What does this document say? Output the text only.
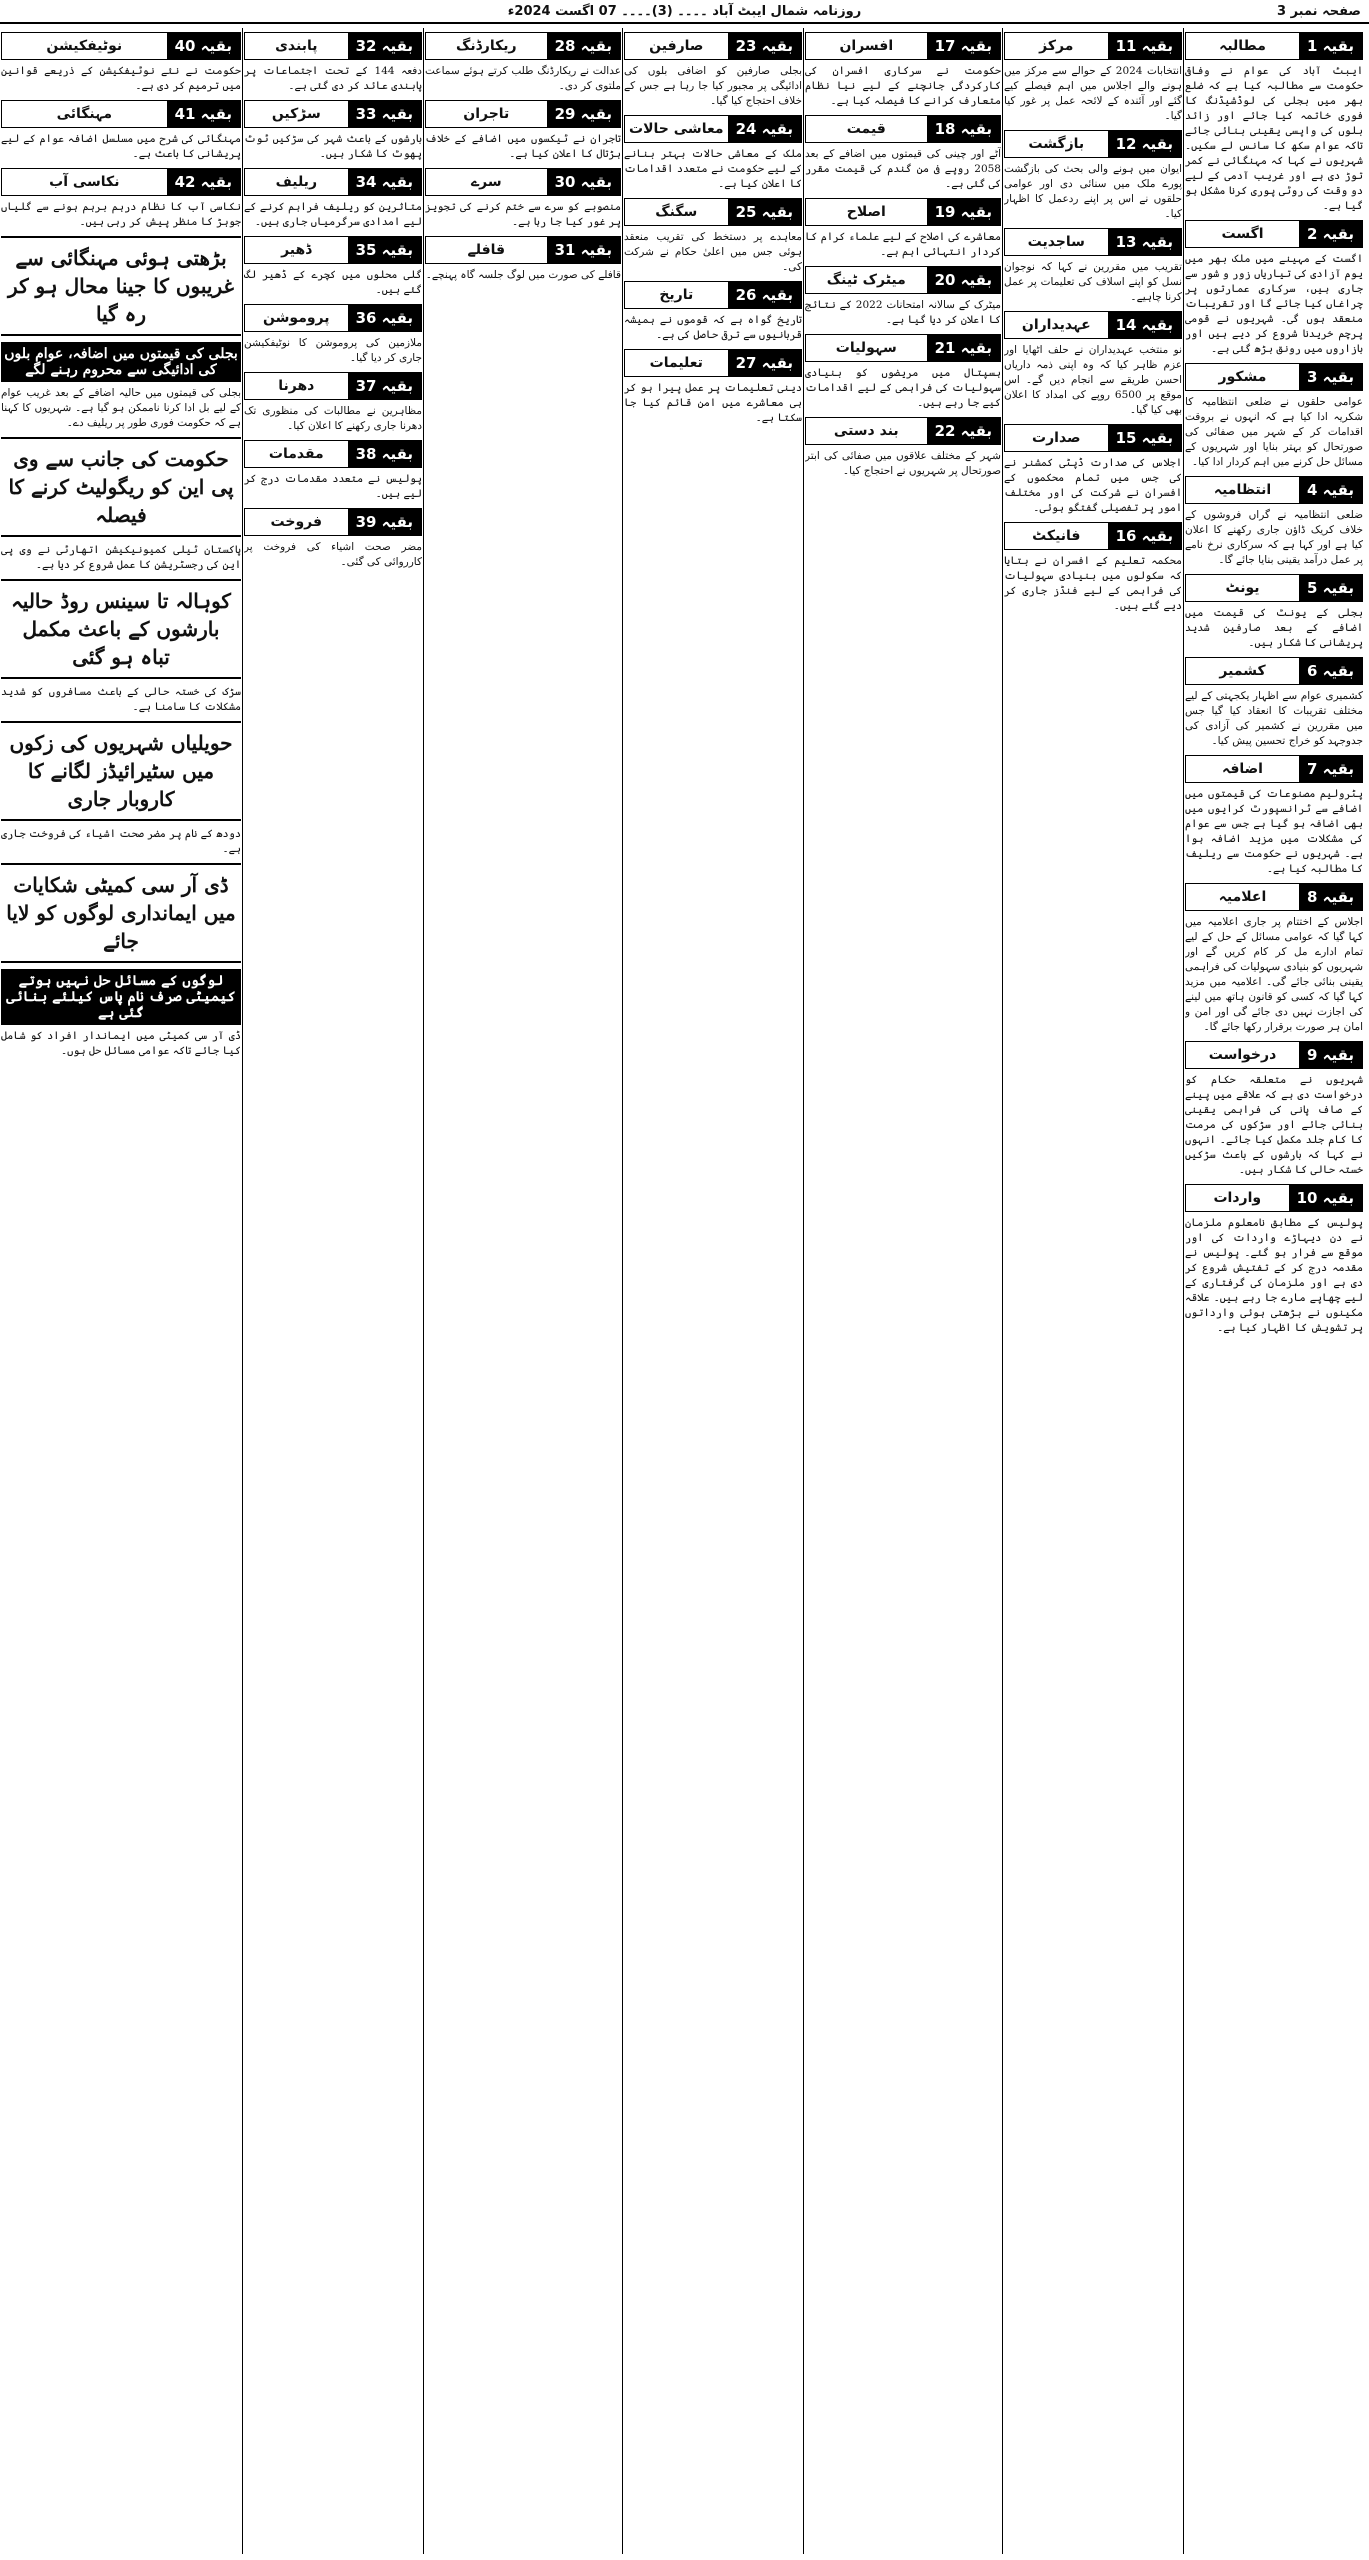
صفحہ نمبر 3
روزنامہ شمال ایبٹ آباد ۔۔۔۔ (3)۔۔۔۔ 07 اگست 2024ء
بقیہ 1
مطالبہ
ایبٹ آباد کی عوام نے وفاقی حکومت سے مطالبہ کیا ہے کہ ضلع بھر میں بجلی کی لوڈشیڈنگ کا فوری خاتمہ کیا جائے اور زائد بلوں کی واپسی یقینی بنائی جائے تاکہ عوام سکھ کا سانس لے سکیں۔ شہریوں نے کہا کہ مہنگائی نے کمر توڑ دی ہے اور غریب آدمی کے لیے دو وقت کی روٹی پوری کرنا مشکل ہو گیا ہے۔
بقیہ 2
اگست
اگست کے مہینے میں ملک بھر میں یوم آزادی کی تیاریاں زور و شور سے جاری ہیں، سرکاری عمارتوں پر چراغاں کیا جائے گا اور تقریبات منعقد ہوں گی۔ شہریوں نے قومی پرچم خریدنا شروع کر دیے ہیں اور بازاروں میں رونق بڑھ گئی ہے۔
بقیہ 3
مشکور
عوامی حلقوں نے ضلعی انتظامیہ کا شکریہ ادا کیا ہے کہ انہوں نے بروقت اقدامات کر کے شہر میں صفائی کی صورتحال کو بہتر بنایا اور شہریوں کے مسائل حل کرنے میں اہم کردار ادا کیا۔
بقیہ 4
انتظامیہ
ضلعی انتظامیہ نے گراں فروشوں کے خلاف کریک ڈاؤن جاری رکھنے کا اعلان کیا ہے اور کہا ہے کہ سرکاری نرخ نامے پر عمل درآمد یقینی بنایا جائے گا۔
بقیہ 5
یونٹ
بجلی کے یونٹ کی قیمت میں اضافے کے بعد صارفین شدید پریشانی کا شکار ہیں۔
بقیہ 6
کشمیر
کشمیری عوام سے اظہار یکجہتی کے لیے مختلف تقریبات کا انعقاد کیا گیا جس میں مقررین نے کشمیر کی آزادی کی جدوجہد کو خراج تحسین پیش کیا۔
بقیہ 7
اضافہ
پٹرولیم مصنوعات کی قیمتوں میں اضافے سے ٹرانسپورٹ کرایوں میں بھی اضافہ ہو گیا ہے جس سے عوام کی مشکلات میں مزید اضافہ ہوا ہے۔ شہریوں نے حکومت سے ریلیف کا مطالبہ کیا ہے۔
بقیہ 8
اعلامیہ
اجلاس کے اختتام پر جاری اعلامیہ میں کہا گیا کہ عوامی مسائل کے حل کے لیے تمام ادارے مل کر کام کریں گے اور شہریوں کو بنیادی سہولیات کی فراہمی یقینی بنائی جائے گی۔ اعلامیہ میں مزید کہا گیا کہ کسی کو قانون ہاتھ میں لینے کی اجازت نہیں دی جائے گی اور امن و امان ہر صورت برقرار رکھا جائے گا۔
بقیہ 9
درخواست
شہریوں نے متعلقہ حکام کو درخواست دی ہے کہ علاقے میں پینے کے صاف پانی کی فراہمی یقینی بنائی جائے اور سڑکوں کی مرمت کا کام جلد مکمل کیا جائے۔ انہوں نے کہا کہ بارشوں کے باعث سڑکیں خستہ حالی کا شکار ہیں۔
بقیہ 10
واردات
پولیس کے مطابق نامعلوم ملزمان نے دن دیہاڑے واردات کی اور موقع سے فرار ہو گئے۔ پولیس نے مقدمہ درج کر کے تفتیش شروع کر دی ہے اور ملزمان کی گرفتاری کے لیے چھاپے مارے جا رہے ہیں۔ علاقہ مکینوں نے بڑھتی ہوئی وارداتوں پر تشویش کا اظہار کیا ہے۔
بقیہ 11
مرکز
انتخابات 2024 کے حوالے سے مرکز میں ہونے والے اجلاس میں اہم فیصلے کیے گئے اور آئندہ کے لائحہ عمل پر غور کیا گیا۔
بقیہ 12
بازگشت
ایوان میں ہونے والی بحث کی بازگشت پورے ملک میں سنائی دی اور عوامی حلقوں نے اس پر اپنے ردعمل کا اظہار کیا۔
بقیہ 13
ساجدیت
تقریب میں مقررین نے کہا کہ نوجوان نسل کو اپنے اسلاف کی تعلیمات پر عمل کرنا چاہیے۔
بقیہ 14
عہدیداران
نو منتخب عہدیداران نے حلف اٹھایا اور عزم ظاہر کیا کہ وہ اپنی ذمہ داریاں احسن طریقے سے انجام دیں گے۔ اس موقع پر 6500 روپے کی امداد کا اعلان بھی کیا گیا۔
بقیہ 15
صدارت
اجلاس کی صدارت ڈپٹی کمشنر نے کی جس میں تمام محکموں کے افسران نے شرکت کی اور مختلف امور پر تفصیلی گفتگو ہوئی۔
بقیہ 16
فانیکٹ
محکمہ تعلیم کے افسران نے بتایا کہ سکولوں میں بنیادی سہولیات کی فراہمی کے لیے فنڈز جاری کر دیے گئے ہیں۔
بقیہ 17
افسران
حکومت نے سرکاری افسران کی کارکردگی جانچنے کے لیے نیا نظام متعارف کرانے کا فیصلہ کیا ہے۔
بقیہ 18
قیمت
آٹے اور چینی کی قیمتوں میں اضافے کے بعد 2058 روپے فی من گندم کی قیمت مقرر کی گئی ہے۔
بقیہ 19
اصلاح
معاشرے کی اصلاح کے لیے علماء کرام کا کردار انتہائی اہم ہے۔
بقیہ 20
میٹرک ٹینگ
میٹرک کے سالانہ امتحانات 2022 کے نتائج کا اعلان کر دیا گیا ہے۔
بقیہ 21
سہولیات
ہسپتال میں مریضوں کو بنیادی سہولیات کی فراہمی کے لیے اقدامات کیے جا رہے ہیں۔
بقیہ 22
بند دستی
شہر کے مختلف علاقوں میں صفائی کی ابتر صورتحال پر شہریوں نے احتجاج کیا۔
بقیہ 23
صارفین
بجلی صارفین کو اضافی بلوں کی ادائیگی پر مجبور کیا جا رہا ہے جس کے خلاف احتجاج کیا گیا۔
بقیہ 24
معاشی حالات
ملک کے معاشی حالات بہتر بنانے کے لیے حکومت نے متعدد اقدامات کا اعلان کیا ہے۔
بقیہ 25
سگنگ
معاہدے پر دستخط کی تقریب منعقد ہوئی جس میں اعلیٰ حکام نے شرکت کی۔
بقیہ 26
تاریخ
تاریخ گواہ ہے کہ قوموں نے ہمیشہ قربانیوں سے ترقی حاصل کی ہے۔
بقیہ 27
تعلیمات
دینی تعلیمات پر عمل پیرا ہو کر ہی معاشرے میں امن قائم کیا جا سکتا ہے۔
بقیہ 28
ریکارڈنگ
عدالت نے ریکارڈنگ طلب کرتے ہوئے سماعت ملتوی کر دی۔
بقیہ 29
تاجران
تاجران نے ٹیکسوں میں اضافے کے خلاف ہڑتال کا اعلان کیا ہے۔
بقیہ 30
سرے
منصوبے کو سرے سے ختم کرنے کی تجویز پر غور کیا جا رہا ہے۔
بقیہ 31
قافلے
قافلے کی صورت میں لوگ جلسہ گاہ پہنچے۔
بقیہ 32
پابندی
دفعہ 144 کے تحت اجتماعات پر پابندی عائد کر دی گئی ہے۔
بقیہ 33
سڑکیں
بارشوں کے باعث شہر کی سڑکیں ٹوٹ پھوٹ کا شکار ہیں۔
بقیہ 34
ریلیف
متاثرین کو ریلیف فراہم کرنے کے لیے امدادی سرگرمیاں جاری ہیں۔
بقیہ 35
ڈھیر
گلی محلوں میں کچرے کے ڈھیر لگ گئے ہیں۔
بقیہ 36
پروموشن
ملازمین کی پروموشن کا نوٹیفکیشن جاری کر دیا گیا۔
بقیہ 37
دھرنا
مظاہرین نے مطالبات کی منظوری تک دھرنا جاری رکھنے کا اعلان کیا۔
بقیہ 38
مقدمات
پولیس نے متعدد مقدمات درج کر لیے ہیں۔
بقیہ 39
فروخت
مضر صحت اشیاء کی فروخت پر کارروائی کی گئی۔
بقیہ 40
نوٹیفکیشن
حکومت نے نئے نوٹیفکیشن کے ذریعے قوانین میں ترمیم کر دی ہے۔
بقیہ 41
مہنگائی
مہنگائی کی شرح میں مسلسل اضافہ عوام کے لیے پریشانی کا باعث ہے۔
بقیہ 42
نکاسی آب
نکاسی آب کا نظام درہم برہم ہونے سے گلیاں جوہڑ کا منظر پیش کر رہی ہیں۔
بڑھتی ہوئی مہنگائی سے غریبوں کا جینا محال ہو کر رہ گیا
بجلی کی قیمتوں میں اضافہ، عوام بلوں کی ادائیگی سے محروم رہنے لگے
بجلی کی قیمتوں میں حالیہ اضافے کے بعد غریب عوام کے لیے بل ادا کرنا ناممکن ہو گیا ہے۔ شہریوں کا کہنا ہے کہ حکومت فوری طور پر ریلیف دے۔
حکومت کی جانب سے وی پی این کو ریگولیٹ کرنے کا فیصلہ
پاکستان ٹیلی کمیونیکیشن اتھارٹی نے وی پی این کی رجسٹریشن کا عمل شروع کر دیا ہے۔
کوہالہ تا سینس روڈ حالیہ بارشوں کے باعث مکمل تباہ ہو گئی
سڑک کی خستہ حالی کے باعث مسافروں کو شدید مشکلات کا سامنا ہے۔
حویلیاں شہریوں کی زکوں میں سٹیرائیڈز لگانے کا کاروبار جاری
دودھ کے نام پر مضر صحت اشیاء کی فروخت جاری ہے۔
ڈی آر سی کمیٹی شکایات میں ایمانداری لوگوں کو لایا جائے
لوگوں کے مسائل حل نہیں ہوتے کیمیٹی صرف نام پاس کیلئے بنائی گئی ہے
ڈی آر سی کمیٹی میں ایماندار افراد کو شامل کیا جائے تاکہ عوامی مسائل حل ہوں۔
